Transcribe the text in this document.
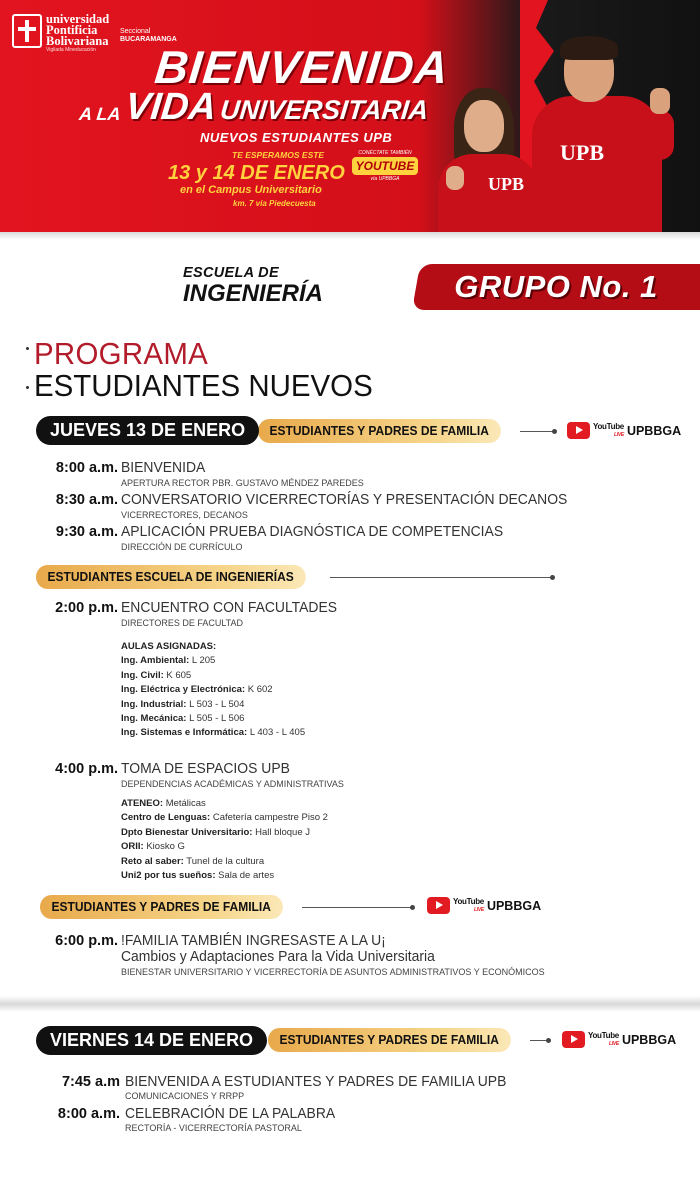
universidad
Pontificia
Bolivariana
Vigilada Mineducación
Seccional
BUCARAMANGA
BIENVENIDA
A LAVIDA UNIVERSITARIA
NUEVOS ESTUDIANTES UPB
TE ESPERAMOS ESTE
13 y 14 DE ENERO
en el Campus Universitario
km. 7 vía Piedecuesta
CONÉCTATE TAMBIÉN
YOUTUBE
vía UPBBGA
UPB
UPB
ESCUELA DE
INGENIERÍA	GRUPO No. 1
PROGRAMA
ESTUDIANTES NUEVOS
JUEVES 13 DE ENERO	ESTUDIANTES Y PADRES DE FAMILIA	YouTube
LIVE UPBBGA
8:00 a.m. BIENVENIDA
APERTURA RECTOR PBR. GUSTAVO MÉNDEZ PAREDES
8:30 a.m. CONVERSATORIO VICERRECTORÍAS Y PRESENTACIÓN DECANOS
VICERRECTORES, DECANOS
9:30 a.m. APLICACIÓN PRUEBA DIAGNÓSTICA DE COMPETENCIAS
DIRECCIÓN DE CURRÍCULO
ESTUDIANTES ESCUELA DE INGENIERÍAS
2:00 p.m. ENCUENTRO CON FACULTADES
DIRECTORES DE FACULTAD
AULAS ASIGNADAS:
Ing. Ambiental: L 205
Ing. Civil: K 605
Ing. Eléctrica y Electrónica: K 602
Ing. Industrial: L 503 - L 504
Ing. Mecánica: L 505 - L 506
Ing. Sistemas e Informática: L 403 - L 405
4:00 p.m. TOMA DE ESPACIOS UPB
DEPENDENCIAS ACADÉMICAS Y ADMINISTRATIVAS
ATENEO: Metálicas
Centro de Lenguas: Cafetería campestre Piso 2
Dpto Bienestar Universitario: Hall bloque J
ORII: Kiosko G
Reto al saber: Tunel de la cultura
Uni2 por tus sueños: Sala de artes
ESTUDIANTES Y PADRES DE FAMILIA	YouTube
LIVE UPBBGA
6:00 p.m. !FAMILIA TAMBIÉN INGRESASTE A LA U¡
Cambios y Adaptaciones Para la Vida Universitaria
BIENESTAR UNIVERSITARIO Y VICERRECTORÍA DE ASUNTOS ADMINISTRATIVOS Y ECONÓMICOS
VIERNES 14 DE ENERO	ESTUDIANTES Y PADRES DE FAMILIA	YouTube
LIVE UPBBGA
7:45 a.m BIENVENIDA A ESTUDIANTES Y PADRES DE FAMILIA UPB
COMUNICACIONES Y RRPP
8:00 a.m. CELEBRACIÓN DE LA PALABRA
RECTORÍA - VICERRECTORÍA PASTORAL
